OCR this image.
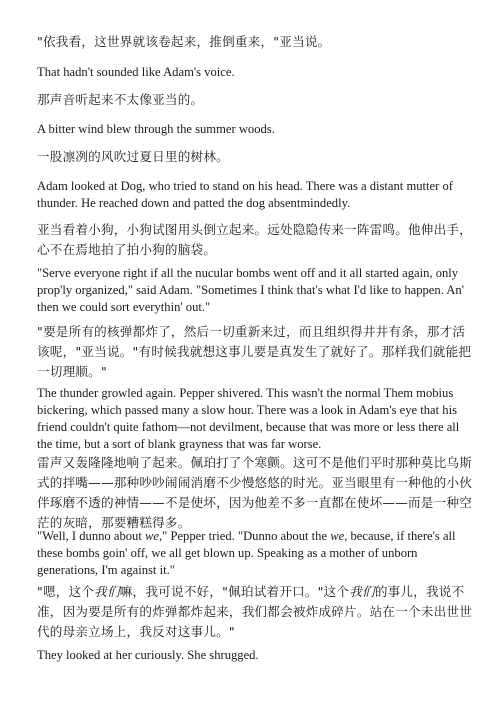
"依我看，这世界就该卷起来，推倒重来，"亚当说。

That hadn't sounded like Adam's voice.

那声音听起来不太像亚当的。

A bitter wind blew through the summer woods.

一股凛冽的风吹过夏日里的树林。

Adam looked at Dog, who tried to stand on his head. There was a distant mutter of thunder. He reached down and patted the dog absentmindedly.

亚当看着小狗，小狗试图用头倒立起来。远处隐隐传来一阵雷鸣。他伸出手，心不在焉地拍了拍小狗的脑袋。

"Serve everyone right if all the nucular bombs went off and it all started again, only prop'ly organized," said Adam. "Sometimes I think that's what I'd like to happen. An' then we could sort everythin' out."

"要是所有的核弹都炸了，然后一切重新来过，而且组织得井井有条，那才活该呢，"亚当说。"有时候我就想这事儿要是真发生了就好了。那样我们就能把一切理顺。"

The thunder growled again. Pepper shivered. This wasn't the normal Them mobius bickering, which passed many a slow hour. There was a look in Adam's eye that his friend couldn't quite fathom—not devilment, because that was more or less there all the time, but a sort of blank grayness that was far worse.

雷声又轰隆隆地响了起来。佩珀打了个寒颤。这可不是他们平时那种莫比乌斯式的拌嘴——那种吵吵闹闹消磨不少慢悠悠的时光。亚当眼里有一种他的小伙伴琢磨不透的神情——不是使坏，因为他差不多一直都在使坏——而是一种空茫的灰暗，那要糟糕得多。

"Well, I dunno about we," Pepper tried. "Dunno about the we, because, if there's all these bombs goin' off, we all get blown up. Speaking as a mother of unborn generations, I'm against it."

"嗯，这个我们嘛，我可说不好，"佩珀试着开口。"这个我们的事儿，我说不准，因为要是所有的炸弹都炸起来，我们都会被炸成碎片。站在一个未出世世代的母亲立场上，我反对这事儿。"

They looked at her curiously. She shrugged.
